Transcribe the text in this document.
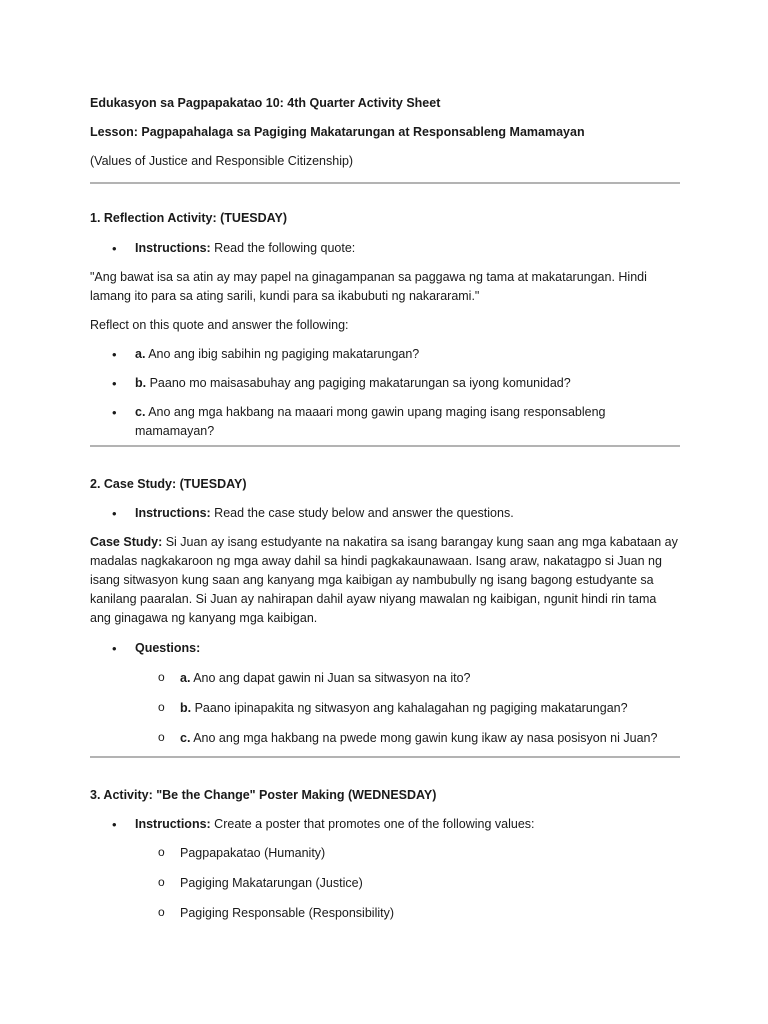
Edukasyon sa Pagpapakatao 10: 4th Quarter Activity Sheet

Lesson: Pagpapahalaga sa Pagiging Makatarungan at Responsableng Mamamayan

(Values of Justice and Responsible Citizenship)

1. Reflection Activity: (TUESDAY)

• Instructions: Read the following quote:

"Ang bawat isa sa atin ay may papel na ginagampanan sa paggawa ng tama at makatarungan. Hindi lamang ito para sa ating sarili, kundi para sa ikabubuti ng nakararami."

Reflect on this quote and answer the following:

• a. Ano ang ibig sabihin ng pagiging makatarungan?
• b. Paano mo maisasabuhay ang pagiging makatarungan sa iyong komunidad?
• c. Ano ang mga hakbang na maaari mong gawin upang maging isang responsableng mamamayan?

2. Case Study: (TUESDAY)

• Instructions: Read the case study below and answer the questions.

Case Study: Si Juan ay isang estudyante na nakatira sa isang barangay kung saan ang mga kabataan ay madalas nagkakaroon ng mga away dahil sa hindi pagkakaunawaan. Isang araw, nakatagpo si Juan ng isang sitwasyon kung saan ang kanyang mga kaibigan ay nambubully ng isang bagong estudyante sa kanilang paaralan. Si Juan ay nahirapan dahil ayaw niyang mawalan ng kaibigan, ngunit hindi rin tama ang ginagawa ng kanyang mga kaibigan.

• Questions:
o a. Ano ang dapat gawin ni Juan sa sitwasyon na ito?
o b. Paano ipinapakita ng sitwasyon ang kahalagahan ng pagiging makatarungan?
o c. Ano ang mga hakbang na pwede mong gawin kung ikaw ay nasa posisyon ni Juan?

3. Activity: "Be the Change" Poster Making (WEDNESDAY)

• Instructions: Create a poster that promotes one of the following values:
o Pagpapakatao (Humanity)
o Pagiging Makatarungan (Justice)
o Pagiging Responsable (Responsibility)
